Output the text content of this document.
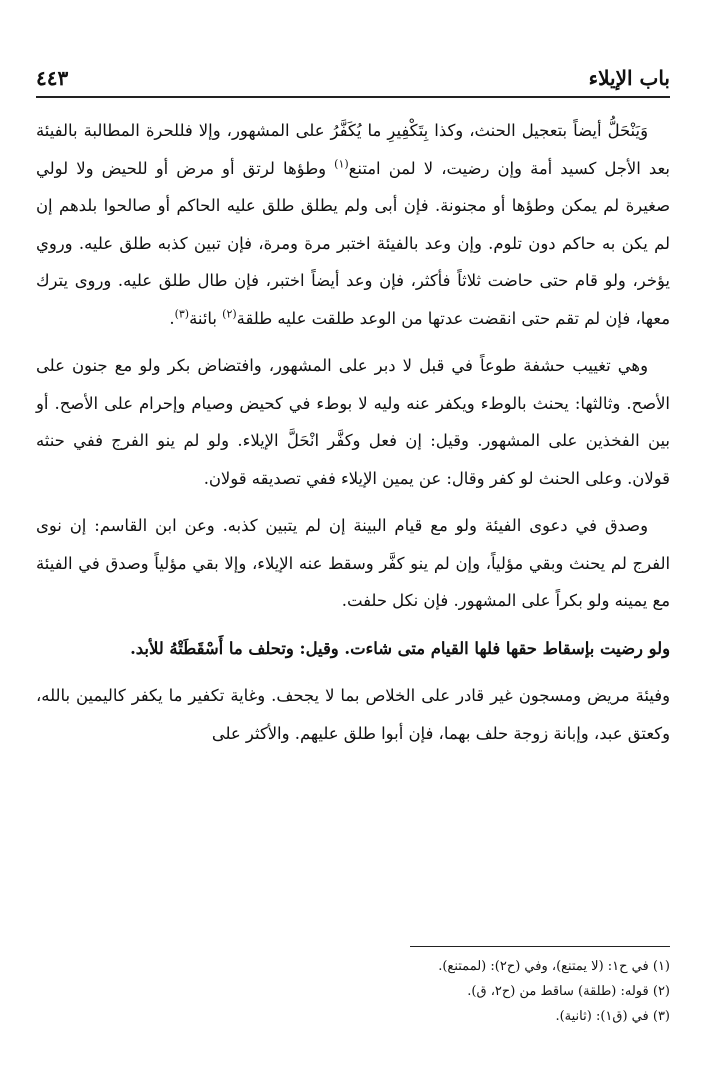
باب الإيلاء
٤٤٣

وَيَنْحَلُّ أيضاً بتعجيل الحنث، وكذا بِتَكْفِيرِ ما يُكَفَّرُ على المشهور، وإلا فللحرة المطالبة بالفيئة بعد الأجل كسيد أمة وإن رضيت، لا لمن امتنع$^{(١)}$ وطؤها لرتق أو مرض أو للحيض ولا لولي صغيرة لم يمكن وطؤها أو مجنونة. فإن أبى ولم يطلق طلق عليه الحاكم أو صالحوا بلدهم إن لم يكن به حاكم دون تلوم. وإن وعد بالفيئة اختبر مرة ومرة، فإن تبين كذبه طلق عليه. وروي يؤخر، ولو قام حتى حاضت ثلاثاً فأكثر، فإن وعد أيضاً اختبر، فإن طال طلق عليه. وروى يترك معها، فإن لم تقم حتى انقضت عدتها من الوعد طلقت عليه طلقة$^{(٢)}$ بائنة$^{(٣)}$.

وهي تغييب حشفة طوعاً في قبل لا دبر على المشهور، وافتضاض بكر ولو مع جنون على الأصح. وثالثها: يحنث بالوطء ويكفر عنه وليه لا بوطء في كحيض وصيام وإحرام على الأصح. أو بين الفخذين على المشهور. وقيل: إن فعل وكفَّر انْحَلَّ الإيلاء. ولو لم ينو الفرج ففي حنثه قولان. وعلى الحنث لو كفر وقال: عن يمين الإيلاء ففي تصديقه قولان.

وصدق في دعوى الفيئة ولو مع قيام البينة إن لم يتبين كذبه. وعن ابن القاسم: إن نوى الفرج لم يحنث وبقي مؤلياً، وإن لم ينو كفَّر وسقط عنه الإيلاء، وإلا بقي مؤلياً وصدق في الفيئة مع يمينه ولو بكراً على المشهور. فإن نكل حلفت.

ولو رضيت بإسقاط حقها فلها القيام متى شاءت. وقيل: وتحلف ما أَسْقَطَتْهُ للأبد.

وفيئة مريض ومسجون غير قادر على الخلاص بما لا يجحف. وغاية تكفير ما يكفر كاليمين بالله، وكعتق عبد، وإبانة زوجة حلف بهما، فإن أبوا طلق عليهم. والأكثر على

(١) في ح١: (لا يمتنع)، وفي (ح٢): (لممتنع).

(٢) قوله: (طلقة) ساقط من (ح٢، ق).

(٣) في (ق١): (ثانية).
